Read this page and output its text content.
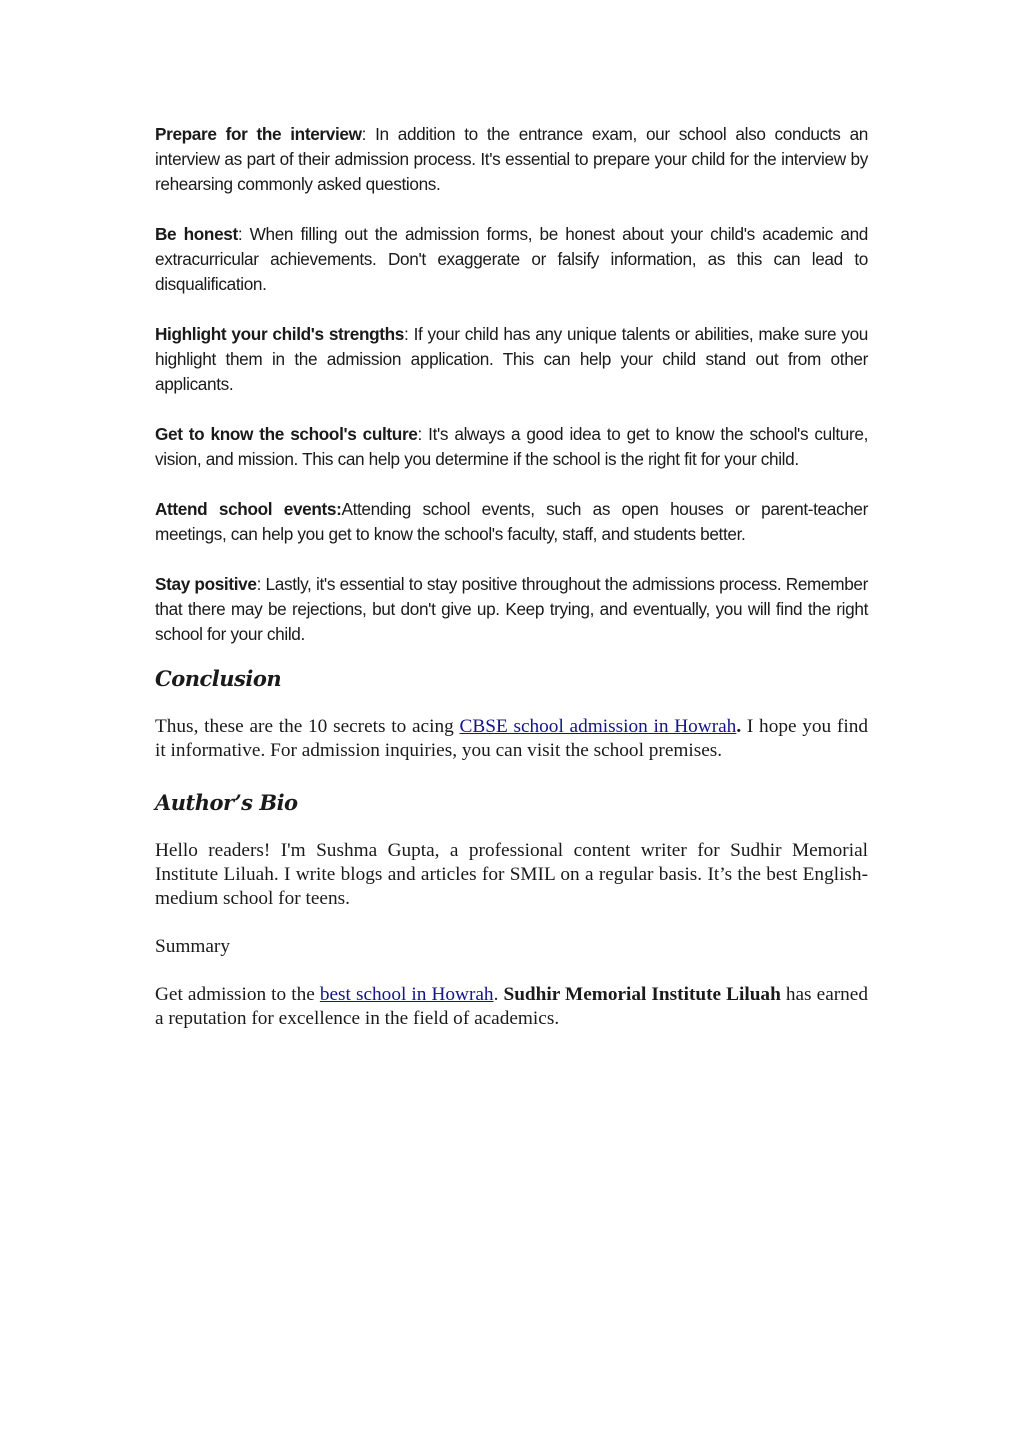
Prepare for the interview: In addition to the entrance exam, our school also conducts an interview as part of their admission process. It's essential to prepare your child for the interview by rehearsing commonly asked questions.

Be honest: When filling out the admission forms, be honest about your child's academic and extracurricular achievements. Don't exaggerate or falsify information, as this can lead to disqualification.

Highlight your child's strengths: If your child has any unique talents or abilities, make sure you highlight them in the admission application. This can help your child stand out from other applicants.

Get to know the school's culture: It's always a good idea to get to know the school's culture, vision, and mission. This can help you determine if the school is the right fit for your child.

Attend school events:Attending school events, such as open houses or parent-teacher meetings, can help you get to know the school's faculty, staff, and students better.

Stay positive: Lastly, it's essential to stay positive throughout the admissions process. Remember that there may be rejections, but don't give up. Keep trying, and eventually, you will find the right school for your child.

Conclusion

Thus, these are the 10 secrets to acing CBSE school admission in Howrah. I hope you find it informative. For admission inquiries, you can visit the school premises.

Author’s Bio

Hello readers! I'm Sushma Gupta, a professional content writer for Sudhir Memorial Institute Liluah. I write blogs and articles for SMIL on a regular basis. It’s the best English-medium school for teens.

Summary

Get admission to the best school in Howrah. Sudhir Memorial Institute Liluah has earned a reputation for excellence in the field of academics.
